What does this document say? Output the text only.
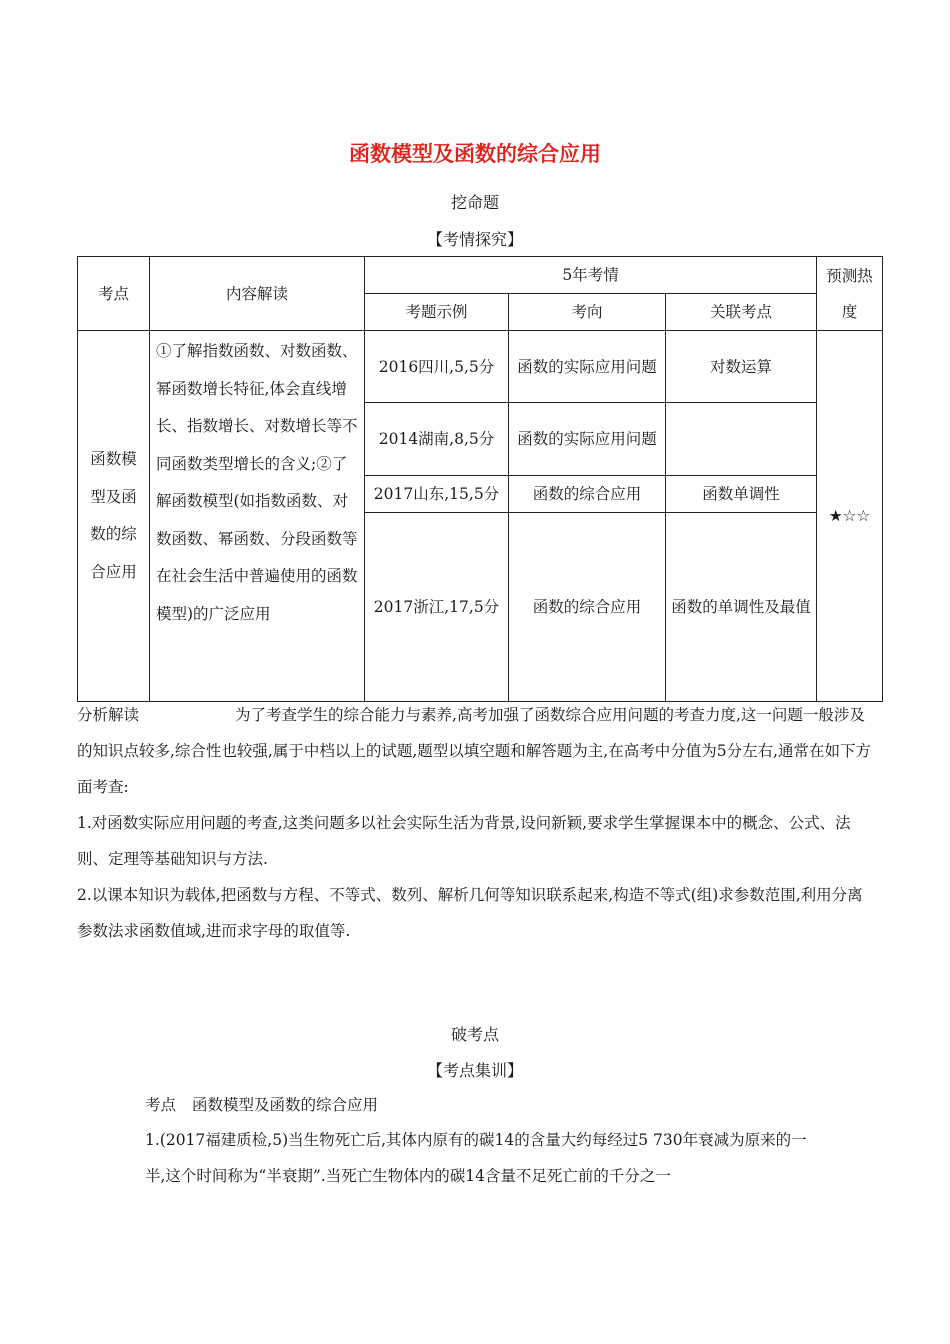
函数模型及函数的综合应用
挖命题
【考情探究】
考点	内容解读	5年考情			预测热度
		考题示例	考向	关联考点	
函数模型及函数的综合应用	①了解指数函数、对数函数、幂函数增长特征,体会直线增长、指数增长、对数增长等不同函数类型增长的含义;②了解函数模型(如指数函数、对数函数、幂函数、分段函数等在社会生活中普遍使用的函数模型)的广泛应用	2016四川,5,5分	函数的实际应用问题	对数运算	★☆☆
		2014湖南,8,5分	函数的实际应用问题		
		2017山东,15,5分	函数的综合应用	函数单调性	
		2017浙江,17,5分	函数的综合应用	函数的单调性及最值	
分析解读	为了考查学生的综合能力与素养,高考加强了函数综合应用问题的考查力度,这一问题一般涉及的知识点较多,综合性也较强,属于中档以上的试题,题型以填空题和解答题为主,在高考中分值为5分左右,通常在如下方面考查:
1.对函数实际应用问题的考查,这类问题多以社会实际生活为背景,设问新颖,要求学生掌握课本中的概念、公式、法则、定理等基础知识与方法.
2.以课本知识为载体,把函数与方程、不等式、数列、解析几何等知识联系起来,构造不等式(组)求参数范围,利用分离参数法求函数值域,进而求字母的取值等.
破考点
【考点集训】
考点 函数模型及函数的综合应用
1.(2017福建质检,5)当生物死亡后,其体内原有的碳14的含量大约每经过5 730年衰减为原来的一半,这个时间称为“半衰期”.当死亡生物体内的碳14含量不足死亡前的千分之一
